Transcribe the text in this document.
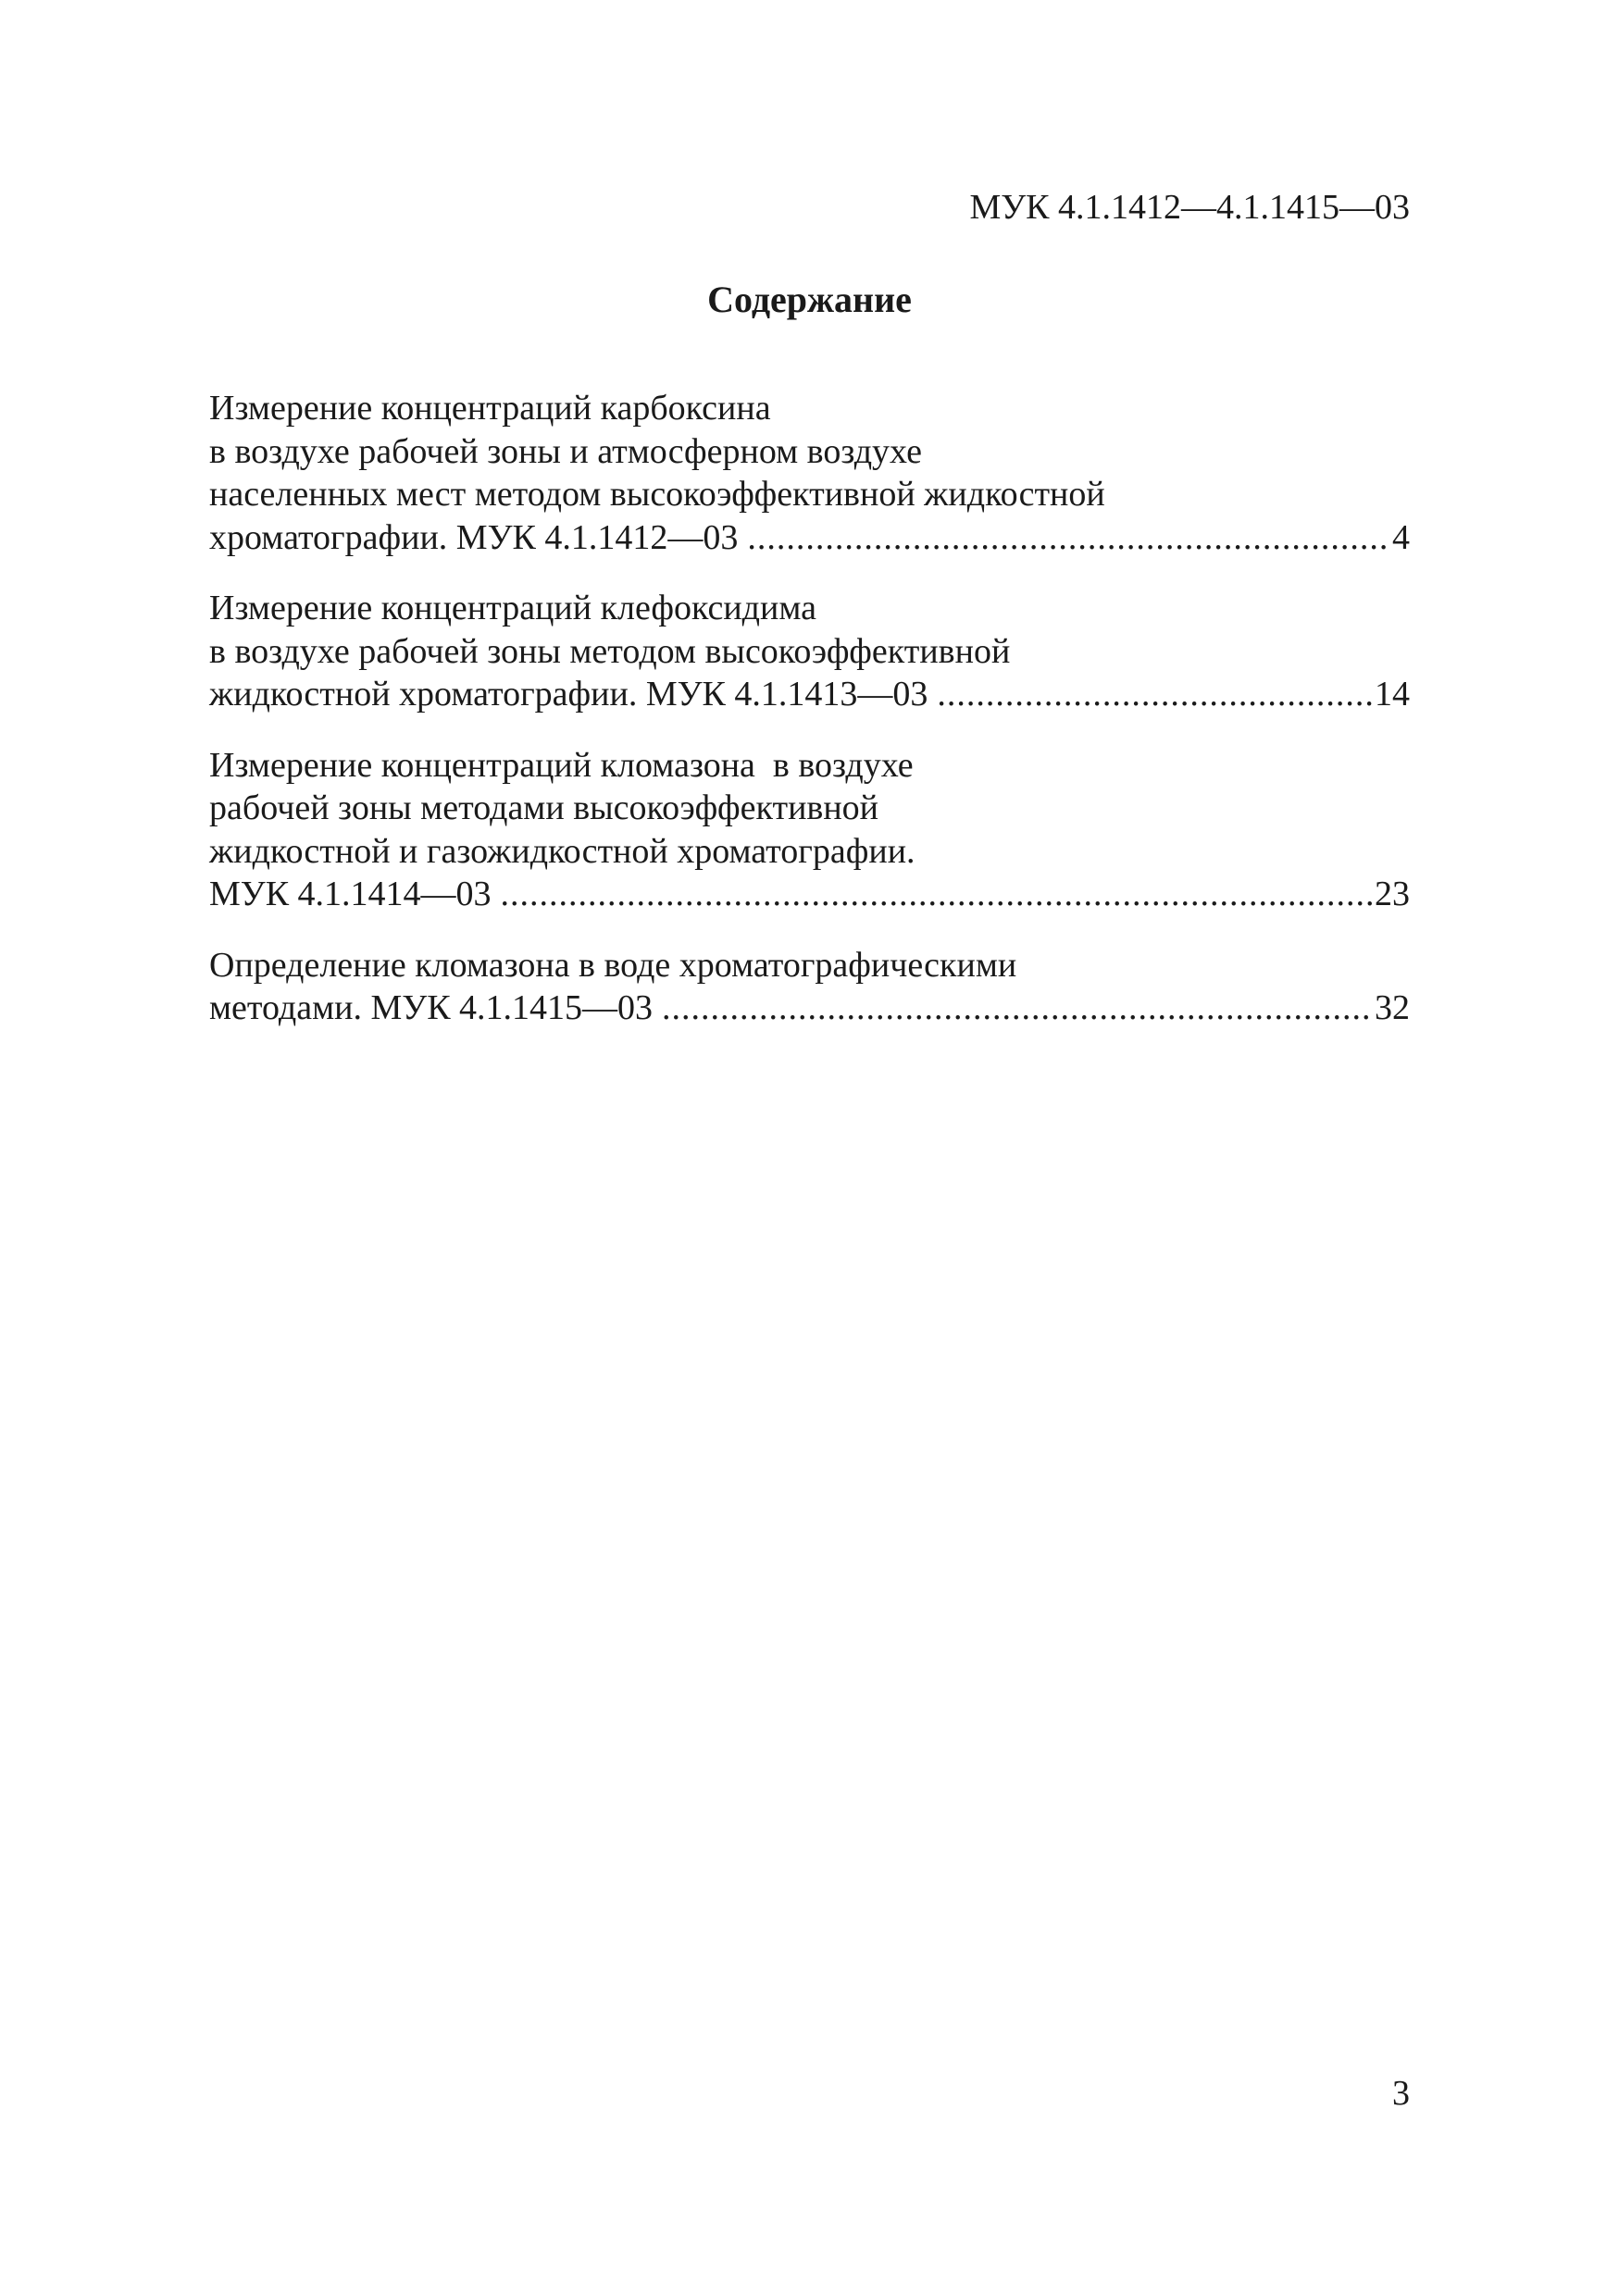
МУК 4.1.1412—4.1.1415—03
Содержание
Измерение концентраций карбоксина
в воздухе рабочей зоны и атмосферном воздухе
населенных мест методом высокоэффективной жидкостной
хроматографии. МУК 4.1.1412—03 .....	4
Измерение концентраций клефоксидима
в воздухе рабочей зоны методом высокоэффективной
жидкостной хроматографии. МУК 4.1.1413—03 .....	14
Измерение концентраций кломазона  в воздухе
рабочей зоны методами высокоэффективной
жидкостной и газожидкостной хроматографии.
МУК 4.1.1414—03 .....	23
Определение кломазона в воде хроматографическими
методами. МУК 4.1.1415—03 .....	32
3
